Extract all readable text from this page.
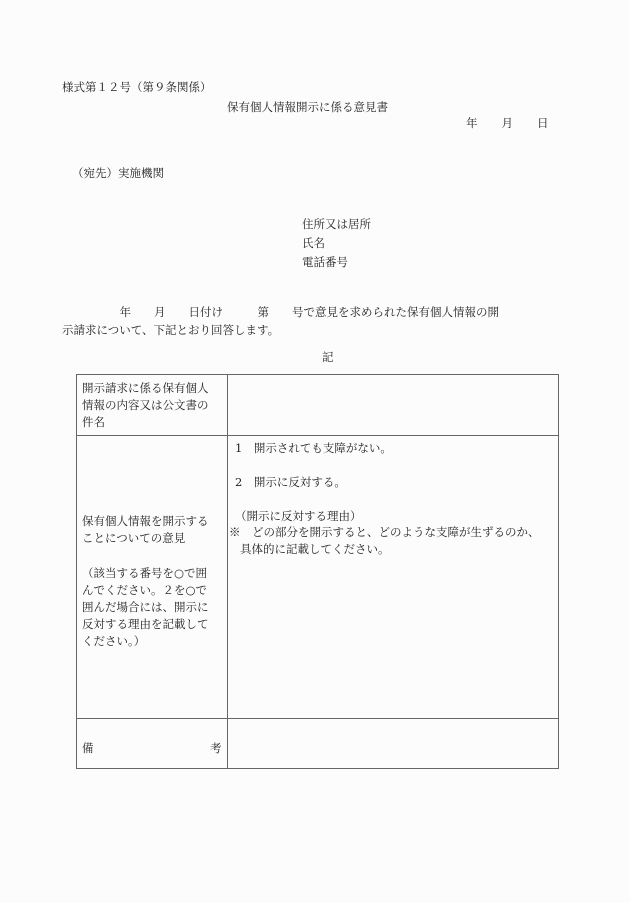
様式第１２号（第９条関係）
保有個人情報開示に係る意見書
年 月 日
（宛先）実施機関
住所又は居所
氏名
電話番号
　　　　　年　　月　　日付け　　　第　　号で意見を求められた保有個人情報の開
示請求について、下記とおり回答します。
記
開示請求に係る保有個人
情報の内容又は公文書の
件名
保有個人情報を開示する
ことについての意見
（該当する番号を○で囲
んでください。２を○で
囲んだ場合には、開示に
反対する理由を記載して
ください。）
1　開示されても支障がない。
2　開示に反対する。
（開示に反対する理由）
※　どの部分を開示すると、どのような支障が生ずるのか、
具体的に記載してください。
備	考
